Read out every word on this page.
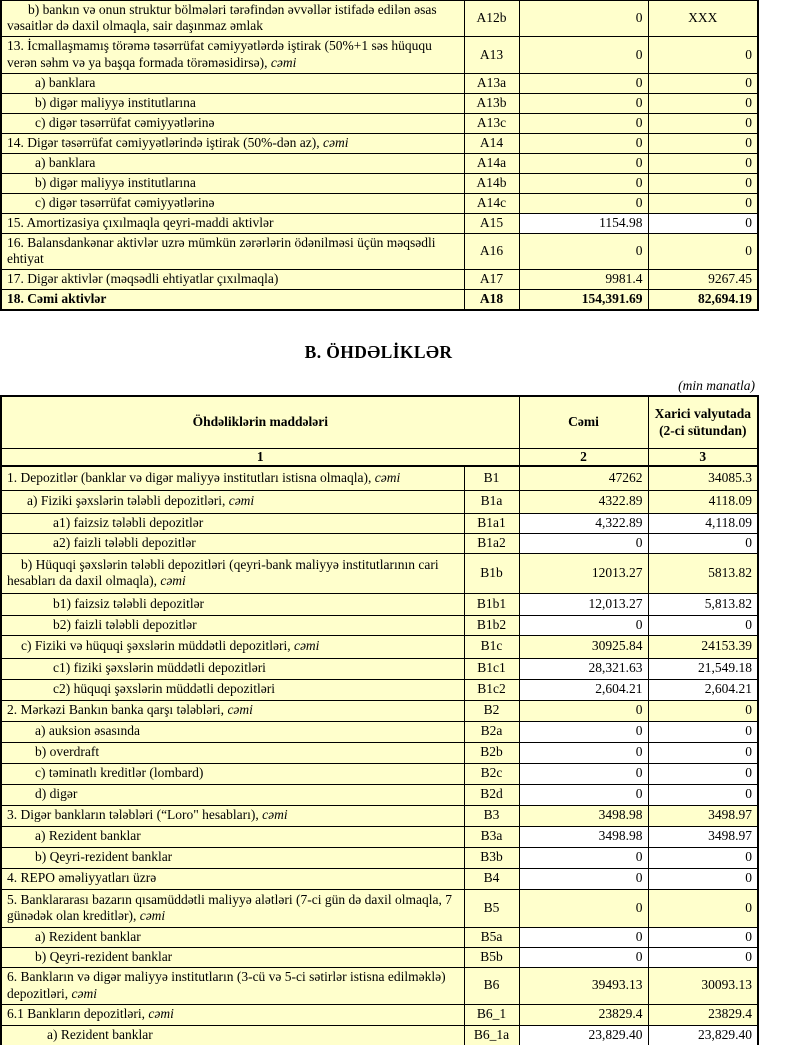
b) bankın və onun struktur bölmələri tərəfindən əvvəllər istifadə edilən əsas vəsaitlər də daxil olmaqla, sair daşınmaz əmlak	A12b	0	XXX
13. İcmallaşmamış törəmə təsərrüfat cəmiyyətlərdə iştirak (50%+1 səs hüququ verən səhm və ya başqa formada törəməsidirsə), cəmi	A13	0	0
a) banklara	A13a	0	0
b) digər maliyyə institutlarına	A13b	0	0
c) digər təsərrüfat cəmiyyətlərinə	A13c	0	0
14. Digər təsərrüfat cəmiyyətlərində iştirak (50%-dən az), cəmi	A14	0	0
a) banklara	A14a	0	0
b) digər maliyyə institutlarına	A14b	0	0
c) digər təsərrüfat cəmiyyətlərinə	A14c	0	0
15. Amortizasiya çıxılmaqla qeyri-maddi aktivlər	A15	1154.98	0
16. Balansdankənar aktivlər uzrə mümkün zərərlərin ödənilməsi üçün məqsədli ehtiyat	A16	0	0
17. Digər aktivlər (məqsədli ehtiyatlar çıxılmaqla)	A17	9981.4	9267.45
18. Cəmi aktivlər	A18	154,391.69	82,694.19
B. ÖHDƏLİKLƏR
(min manatla)
Öhdəliklərin maddələri		Cəmi	Xarici valyutada (2-ci sütundan)
1		2	3
1. Depozitlər (banklar və digər maliyyə institutları istisna olmaqla), cəmi	B1	47262	34085.3
a) Fiziki şəxslərin tələbli depozitləri, cəmi	B1a	4322.89	4118.09
a1) faizsiz tələbli depozitlər	B1a1	4,322.89	4,118.09
a2) faizli tələbli depozitlər	B1a2	0	0
b) Hüquqi şəxslərin tələbli depozitləri (qeyri-bank maliyyə institutlarının cari hesabları da daxil olmaqla), cəmi	B1b	12013.27	5813.82
b1) faizsiz tələbli depozitlər	B1b1	12,013.27	5,813.82
b2) faizli tələbli depozitlər	B1b2	0	0
c) Fiziki və hüquqi şəxslərin müddətli depozitləri, cəmi	B1c	30925.84	24153.39
c1) fiziki şəxslərin müddətli depozitləri	B1c1	28,321.63	21,549.18
c2) hüquqi şəxslərin müddətli depozitləri	B1c2	2,604.21	2,604.21
2. Mərkəzi Bankın banka qarşı tələbləri, cəmi	B2	0	0
a) auksion əsasında	B2a	0	0
b) overdraft	B2b	0	0
c) təminatlı kreditlər (lombard)	B2c	0	0
d) digər	B2d	0	0
3. Digər bankların tələbləri (“Loro" hesabları), cəmi	B3	3498.98	3498.97
a) Rezident banklar	B3a	3498.98	3498.97
b) Qeyri-rezident banklar	B3b	0	0
4. REPO əməliyyatları üzrə	B4	0	0
5. Banklararası bazarın qısamüddətli maliyyə alətləri (7-ci gün də daxil olmaqla, 7 günədək olan kreditlər), cəmi	B5	0	0
a) Rezident banklar	B5a	0	0
b) Qeyri-rezident banklar	B5b	0	0
6. Bankların və digər maliyyə institutların (3-cü və 5-ci sətirlər istisna edilməklə) depozitləri, cəmi	B6	39493.13	30093.13
6.1 Bankların depozitləri, cəmi	B6_1	23829.4	23829.4
a) Rezident banklar	B6_1a	23,829.40	23,829.40
